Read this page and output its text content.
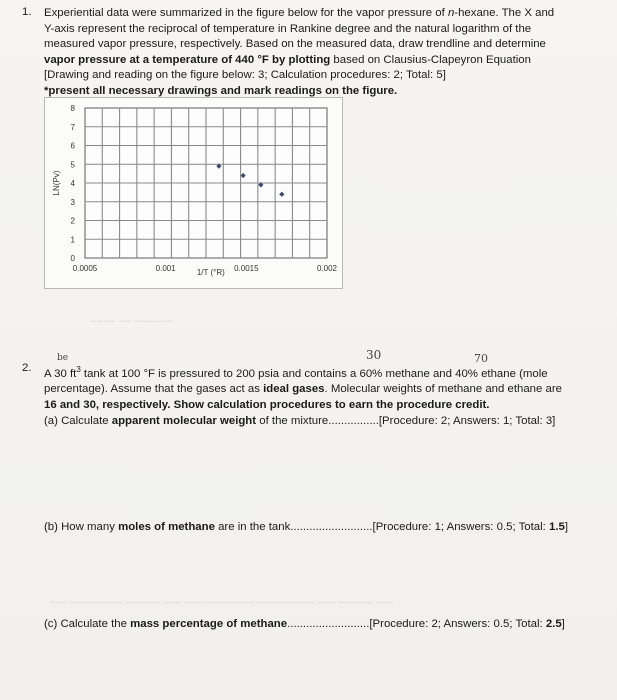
1. Experiential data were summarized in the figure below for the vapor pressure of n-hexane. The X and
Y-axis represent the reciprocal of temperature in Rankine degree and the natural logarithm of the
measured vapor pressure, respectively. Based on the measured data, draw trendline and determine
vapor pressure at a temperature of 440 °F by plotting based on Clausius-Clapeyron Equation
[Drawing and reading on the figure below: 3; Calculation procedures: 2; Total: 5]
*present all necessary drawings and mark readings on the figure.
0
1
2
3
4
5
6
7
8
0.0005	0.001	0.0015	0.002
LN(Pv)
1/T (°R)
~~~~ ~~ ~~~~~~
be	30	70
2. A 30 $ft^3$ tank at 100 °F is pressured to 200 psia and contains a 60% methane and 40% ethane (mole
percentage). Assume that the gases act as ideal gases. Molecular weights of methane and ethane are
16 and 30, respectively. Show calculation procedures to earn the procedure credit.
(a) Calculate apparent molecular weight of the mixture................[Procedure: 2; Answers: 1; Total: 3]
(b) How many moles of methane are in the tank..........................[Procedure: 1; Answers: 0.5; Total: 1.5]
~~~ ~~~~~~~~~ ~~~~~~ ~~~ ~~~~~~~~~~~~ ~~~~~~~~~~ ~~~ ~~~~~~ ~~~
(c) Calculate the mass percentage of methane..........................[Procedure: 2; Answers: 0.5; Total: 2.5]
